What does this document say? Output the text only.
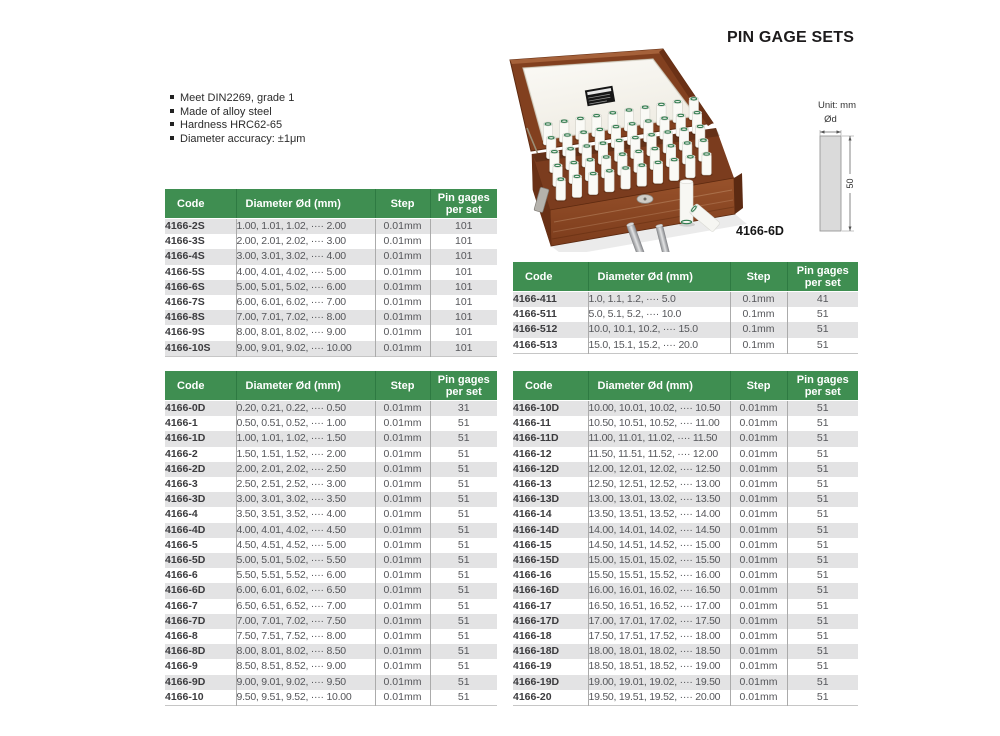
PIN GAGE SETS
Meet DIN2269, grade 1
Made of alloy steel
Hardness HRC62-65
Diameter accuracy: ±1μm
4166-6D
Unit: mm
Ød
50
Code	Diameter Ød (mm)	Step	Pin gages per set
4166-2S	1.00, 1.01, 1.02, ···· 2.00	0.01mm	101
4166-3S	2.00, 2.01, 2.02, ···· 3.00	0.01mm	101
4166-4S	3.00, 3.01, 3.02, ···· 4.00	0.01mm	101
4166-5S	4.00, 4.01, 4.02, ···· 5.00	0.01mm	101
4166-6S	5.00, 5.01, 5.02, ···· 6.00	0.01mm	101
4166-7S	6.00, 6.01, 6.02, ···· 7.00	0.01mm	101
4166-8S	7.00, 7.01, 7.02, ···· 8.00	0.01mm	101
4166-9S	8.00, 8.01, 8.02, ···· 9.00	0.01mm	101
4166-10S	9.00, 9.01, 9.02, ···· 10.00	0.01mm	101
Code	Diameter Ød (mm)	Step	Pin gages per set
4166-411	1.0, 1.1, 1.2, ···· 5.0	0.1mm	41
4166-511	5.0, 5.1, 5.2, ···· 10.0	0.1mm	51
4166-512	10.0, 10.1, 10.2, ···· 15.0	0.1mm	51
4166-513	15.0, 15.1, 15.2, ···· 20.0	0.1mm	51
Code	Diameter Ød (mm)	Step	Pin gages per set
4166-0D	0.20, 0.21, 0.22, ···· 0.50	0.01mm	31
4166-1	0.50, 0.51, 0.52, ···· 1.00	0.01mm	51
4166-1D	1.00, 1.01, 1.02, ···· 1.50	0.01mm	51
4166-2	1.50, 1.51, 1.52, ···· 2.00	0.01mm	51
4166-2D	2.00, 2.01, 2.02, ···· 2.50	0.01mm	51
4166-3	2.50, 2.51, 2.52, ···· 3.00	0.01mm	51
4166-3D	3.00, 3.01, 3.02, ···· 3.50	0.01mm	51
4166-4	3.50, 3.51, 3.52, ···· 4.00	0.01mm	51
4166-4D	4.00, 4.01, 4.02, ···· 4.50	0.01mm	51
4166-5	4.50, 4.51, 4.52, ···· 5.00	0.01mm	51
4166-5D	5.00, 5.01, 5.02, ···· 5.50	0.01mm	51
4166-6	5.50, 5.51, 5.52, ···· 6.00	0.01mm	51
4166-6D	6.00, 6.01, 6.02, ···· 6.50	0.01mm	51
4166-7	6.50, 6.51, 6.52, ···· 7.00	0.01mm	51
4166-7D	7.00, 7.01, 7.02, ···· 7.50	0.01mm	51
4166-8	7.50, 7.51, 7.52, ···· 8.00	0.01mm	51
4166-8D	8.00, 8.01, 8.02, ···· 8.50	0.01mm	51
4166-9	8.50, 8.51, 8.52, ···· 9.00	0.01mm	51
4166-9D	9.00, 9.01, 9.02, ···· 9.50	0.01mm	51
4166-10	9.50, 9.51, 9.52, ···· 10.00	0.01mm	51
Code	Diameter Ød (mm)	Step	Pin gages per set
4166-10D	10.00, 10.01, 10.02, ···· 10.50	0.01mm	51
4166-11	10.50, 10.51, 10.52, ···· 11.00	0.01mm	51
4166-11D	11.00, 11.01, 11.02, ···· 11.50	0.01mm	51
4166-12	11.50, 11.51, 11.52, ···· 12.00	0.01mm	51
4166-12D	12.00, 12.01, 12.02, ···· 12.50	0.01mm	51
4166-13	12.50, 12.51, 12.52, ···· 13.00	0.01mm	51
4166-13D	13.00, 13.01, 13.02, ···· 13.50	0.01mm	51
4166-14	13.50, 13.51, 13.52, ···· 14.00	0.01mm	51
4166-14D	14.00, 14.01, 14.02, ···· 14.50	0.01mm	51
4166-15	14.50, 14.51, 14.52, ···· 15.00	0.01mm	51
4166-15D	15.00, 15.01, 15.02, ···· 15.50	0.01mm	51
4166-16	15.50, 15.51, 15.52, ···· 16.00	0.01mm	51
4166-16D	16.00, 16.01, 16.02, ···· 16.50	0.01mm	51
4166-17	16.50, 16.51, 16.52, ···· 17.00	0.01mm	51
4166-17D	17.00, 17.01, 17.02, ···· 17.50	0.01mm	51
4166-18	17.50, 17.51, 17.52, ···· 18.00	0.01mm	51
4166-18D	18.00, 18.01, 18.02, ···· 18.50	0.01mm	51
4166-19	18.50, 18.51, 18.52, ···· 19.00	0.01mm	51
4166-19D	19.00, 19.01, 19.02, ···· 19.50	0.01mm	51
4166-20	19.50, 19.51, 19.52, ···· 20.00	0.01mm	51
